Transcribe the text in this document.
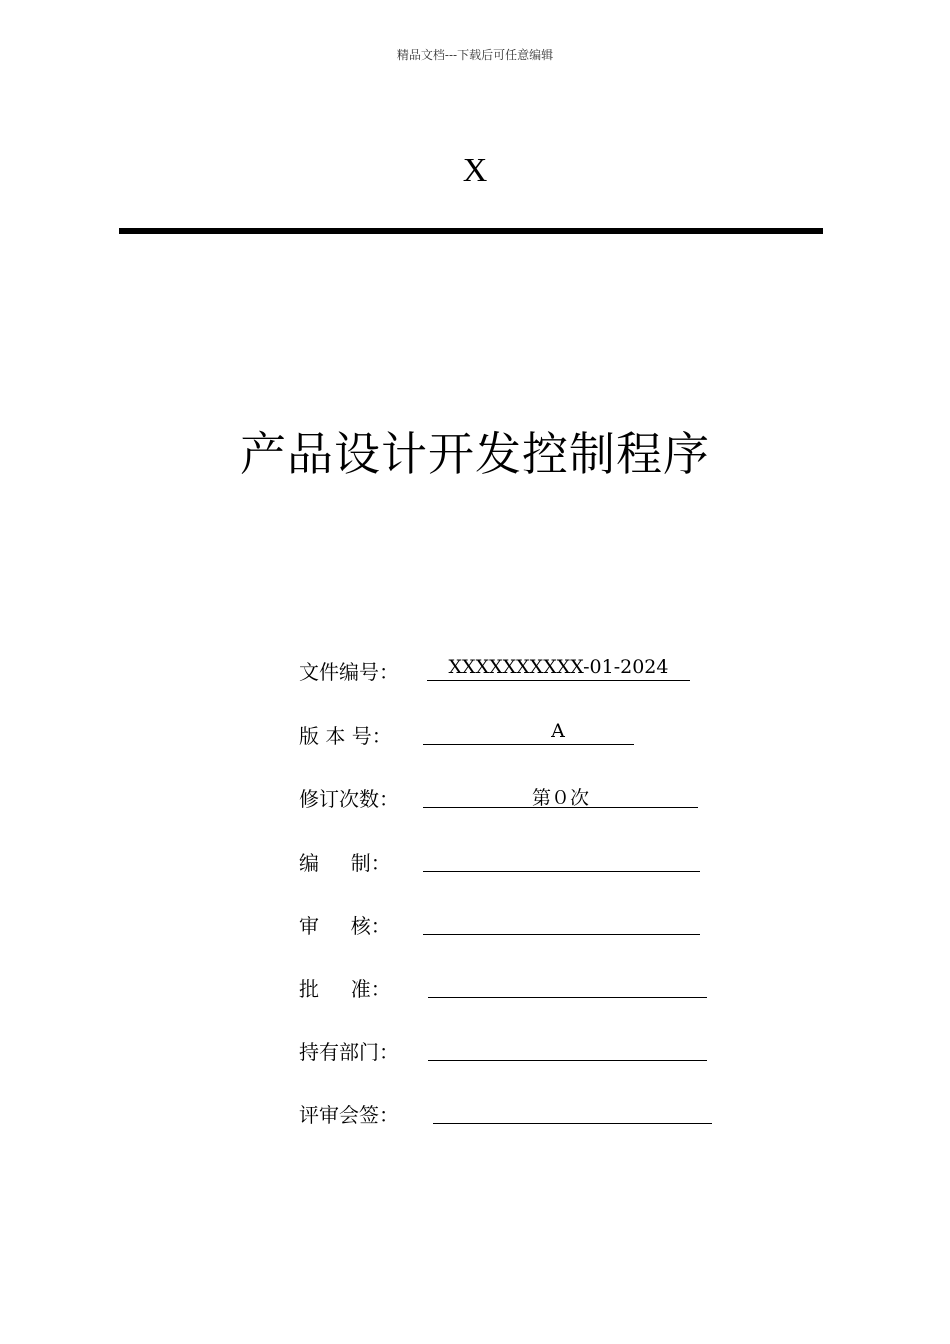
精品文档---下载后可任意编辑
X
产品设计开发控制程序
文件编号：	XXXXXXXXXX-01-2024
版 本 号：	A
修订次数：	第０次
编     制：
审     核：
批     准：
持有部门：
评审会签：
